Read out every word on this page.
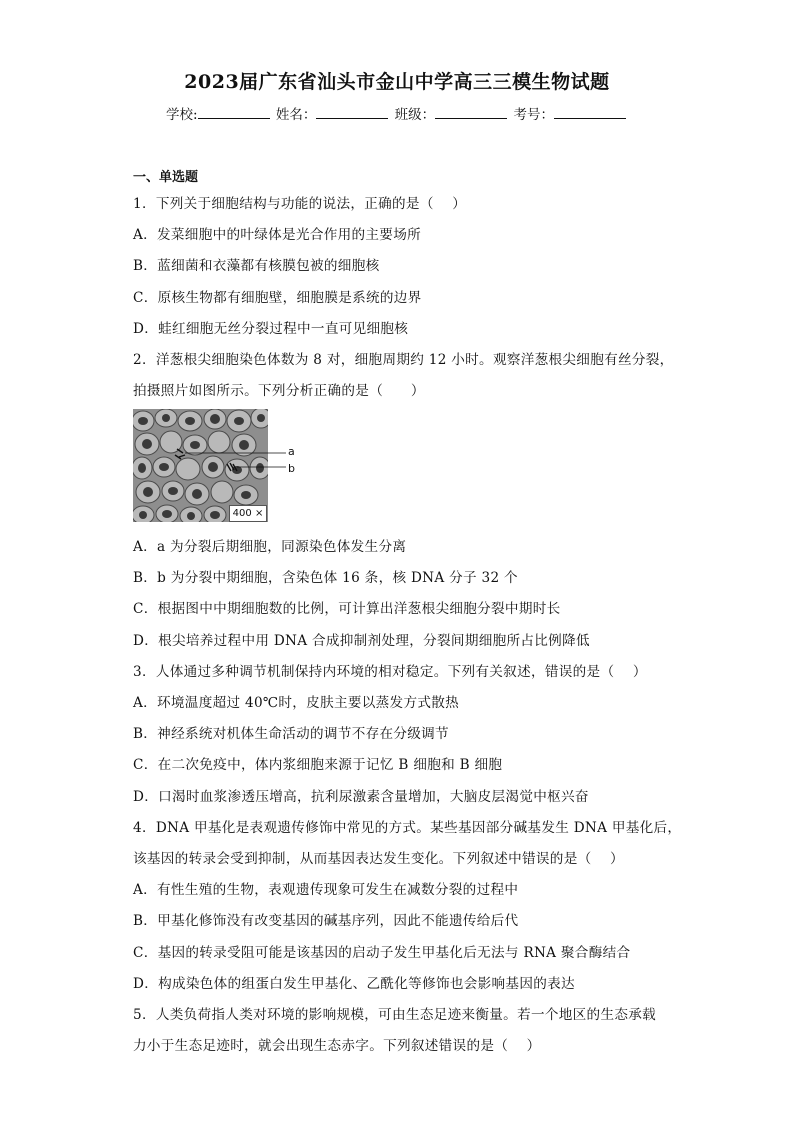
2023届广东省汕头市金山中学高三三模生物试题
学校:	姓名：	班级：	考号：
一、单选题
1．下列关于细胞结构与功能的说法，正确的是（　 ）
A．发菜细胞中的叶绿体是光合作用的主要场所
B．蓝细菌和衣藻都有核膜包被的细胞核
C．原核生物都有细胞壁，细胞膜是系统的边界
D．蛙红细胞无丝分裂过程中一直可见细胞核
2．洋葱根尖细胞染色体数为 8 对，细胞周期约 12 小时。观察洋葱根尖细胞有丝分裂，
拍摄照片如图所示。下列分析正确的是（　　）
a
b
400 ×
A．a 为分裂后期细胞，同源染色体发生分离
B．b 为分裂中期细胞，含染色体 16 条，核 DNA 分子 32 个
C．根据图中中期细胞数的比例，可计算出洋葱根尖细胞分裂中期时长
D．根尖培养过程中用 DNA 合成抑制剂处理，分裂间期细胞所占比例降低
3．人体通过多种调节机制保持内环境的相对稳定。下列有关叙述，错误的是（　 ）
A．环境温度超过 40℃时，皮肤主要以蒸发方式散热
B．神经系统对机体生命活动的调节不存在分级调节
C．在二次免疫中，体内浆细胞来源于记忆 B 细胞和 B 细胞
D．口渴时血浆渗透压增高，抗利尿激素含量增加，大脑皮层渴觉中枢兴奋
4．DNA 甲基化是表观遗传修饰中常见的方式。某些基因部分碱基发生 DNA 甲基化后，
该基因的转录会受到抑制，从而基因表达发生变化。下列叙述中错误的是（　 ）
A．有性生殖的生物，表观遗传现象可发生在减数分裂的过程中
B．甲基化修饰没有改变基因的碱基序列，因此不能遗传给后代
C．基因的转录受阻可能是该基因的启动子发生甲基化后无法与 RNA 聚合酶结合
D．构成染色体的组蛋白发生甲基化、乙酰化等修饰也会影响基因的表达
5．人类负荷指人类对环境的影响规模，可由生态足迹来衡量。若一个地区的生态承载
力小于生态足迹时，就会出现生态赤字。下列叙述错误的是（　 ）
